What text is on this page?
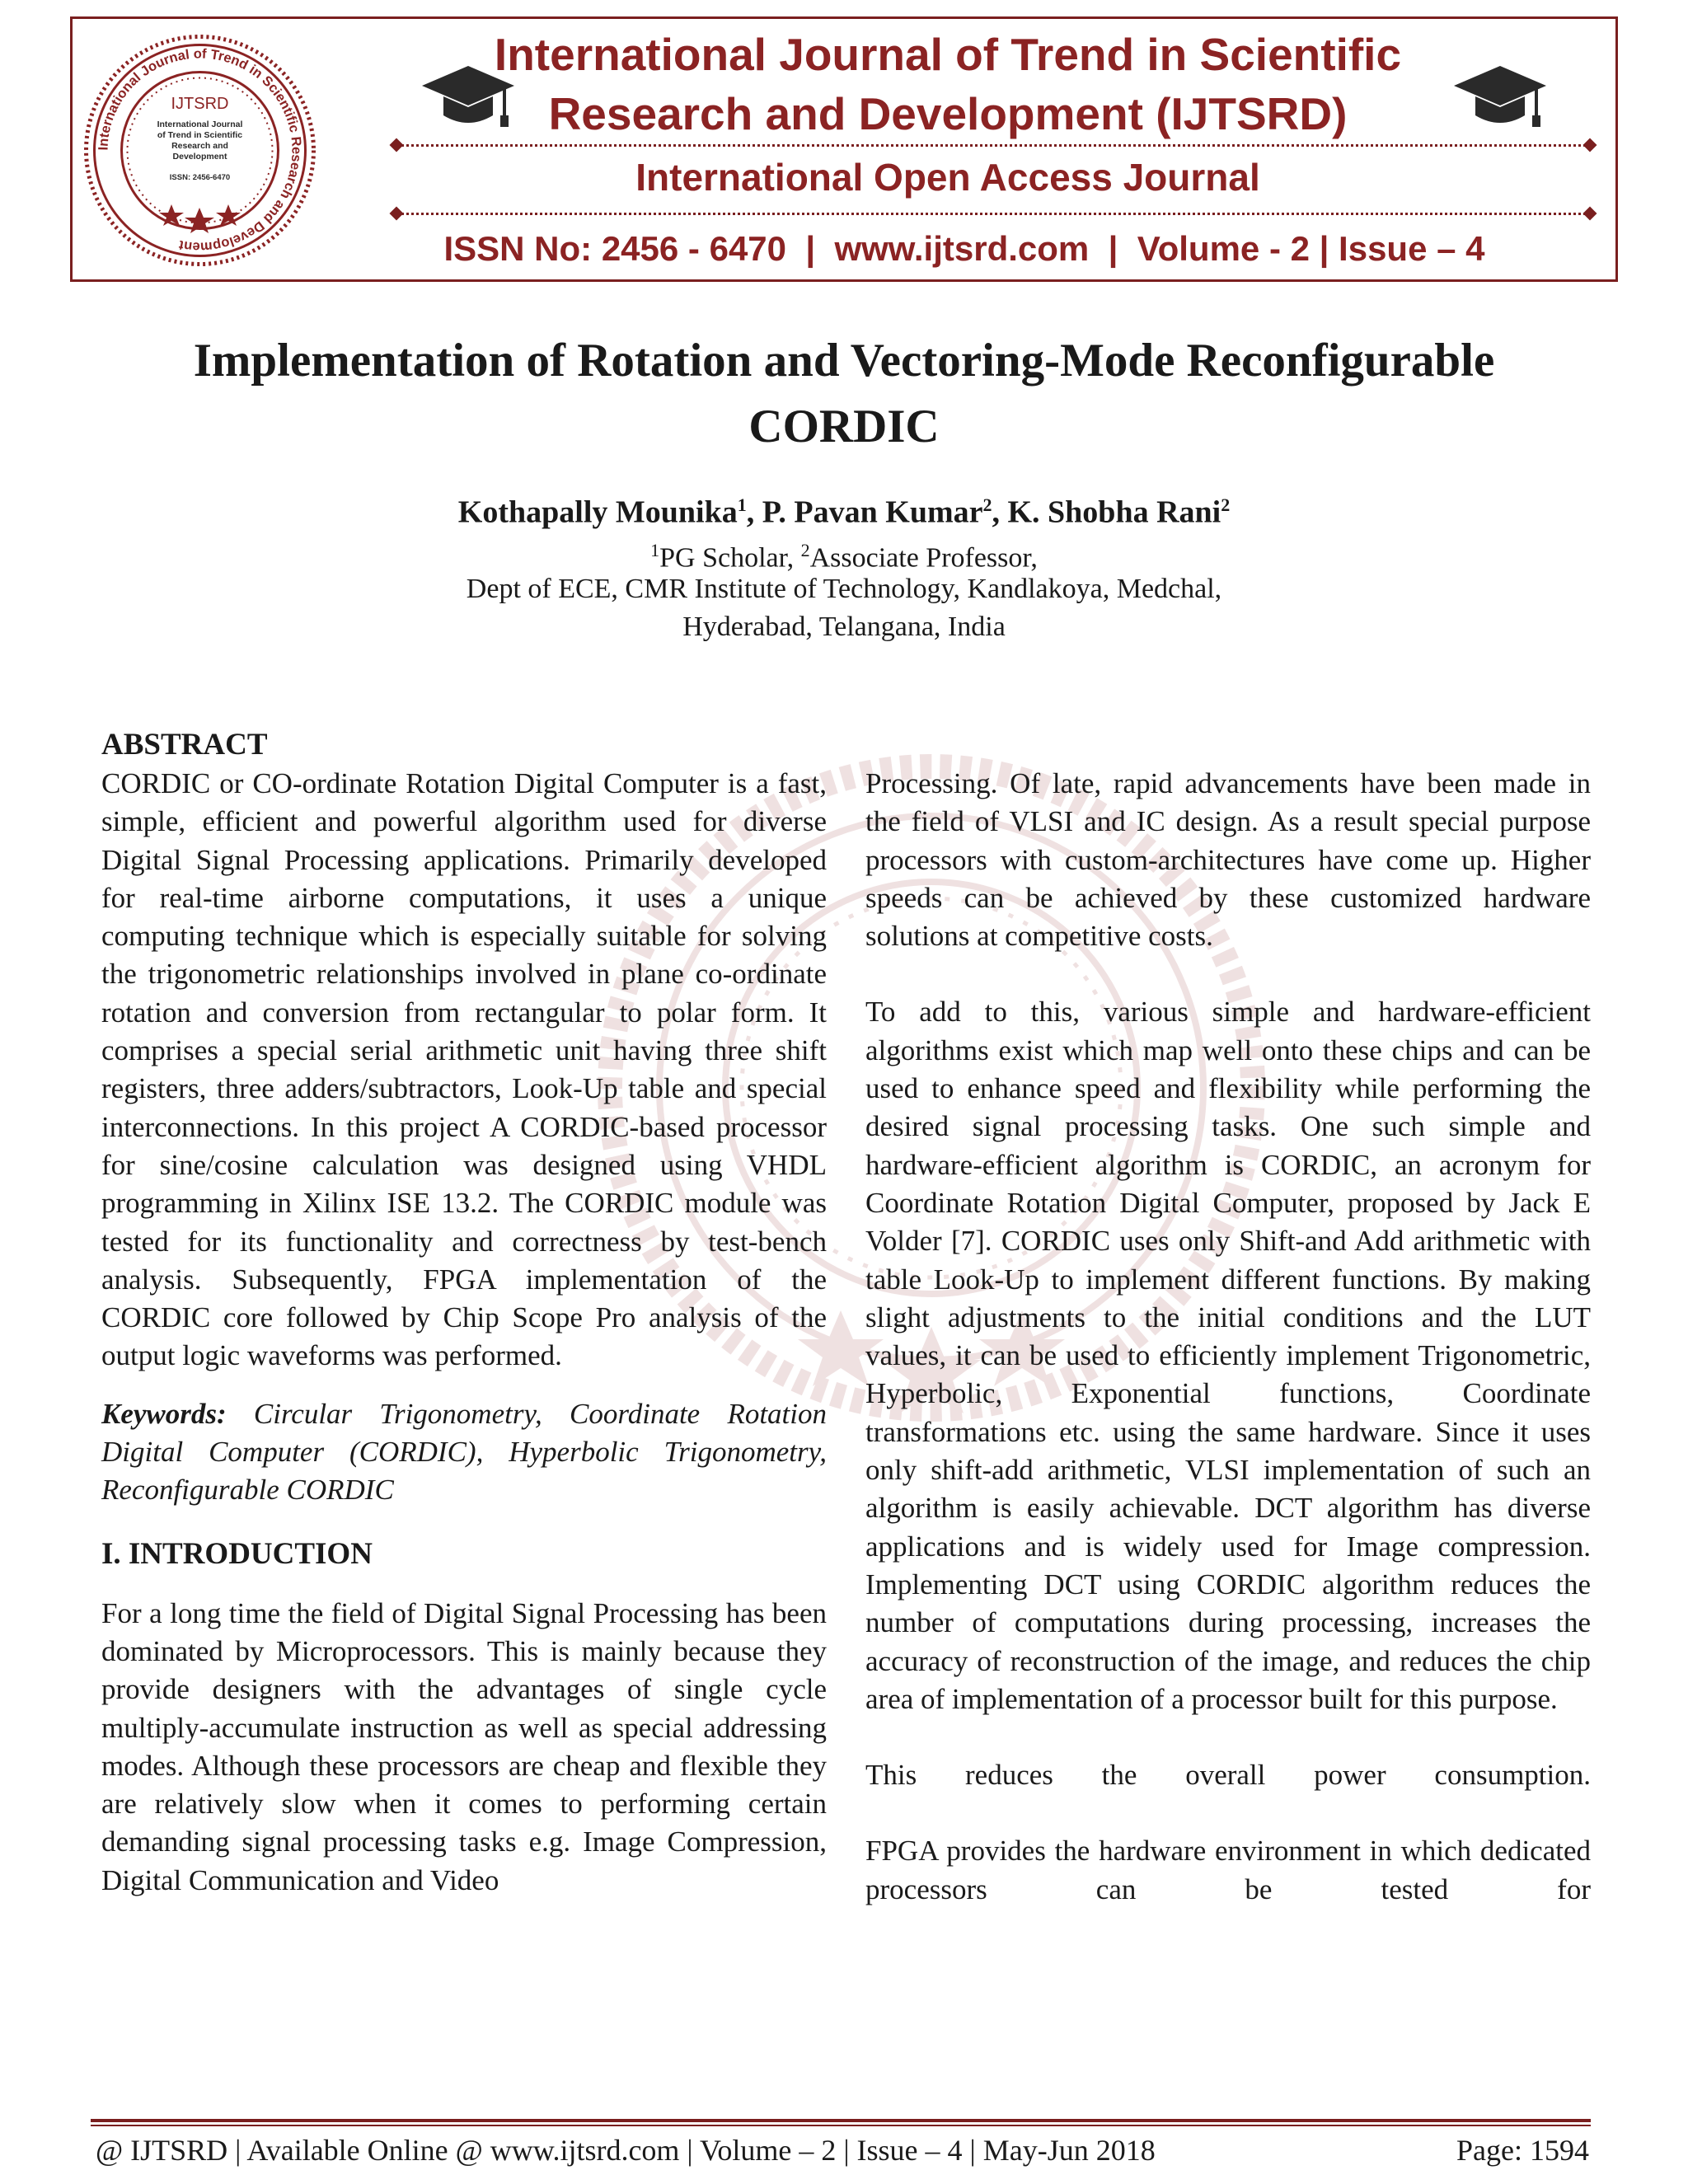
International Journal of Trend in Scientific Research and Development
IJTSRD
International Journal
of Trend in Scientific
Research and
Development
ISSN: 2456-6470
International Journal of Trend in Scientific
Research and Development (IJTSRD)
International Open Access Journal
ISSN No: 2456 - 6470  |  www.ijtsrd.com  |  Volume - 2 | Issue – 4
Implementation of Rotation and Vectoring-Mode Reconfigurable
CORDIC
Kothapally Mounika$^1$, P. Pavan Kumar$^2$, K. Shobha Rani$^2$
$^1$PG Scholar, $^2$Associate Professor,
Dept of ECE, CMR Institute of Technology, Kandlakoya, Medchal,
Hyderabad, Telangana, India

ABSTRACT

CORDIC or CO-ordinate Rotation Digital Computer is a fast, simple, efficient and powerful algorithm used for diverse Digital Signal Processing applications. Primarily developed for real-time airborne computations, it uses a unique computing technique which is especially suitable for solving the trigonometric relationships involved in plane co-ordinate rotation and conversion from rectangular to polar form. It comprises a special serial arithmetic unit having three shift registers, three adders/subtractors, Look-Up table and special interconnections. In this project A CORDIC-based processor for sine/cosine calculation was designed using VHDL programming in Xilinx ISE 13.2. The CORDIC module was tested for its functionality and correctness by test-bench analysis. Subsequently, FPGA implementation of the CORDIC core followed by Chip Scope Pro analysis of the output logic waveforms was performed.

Keywords: Circular Trigonometry, Coordinate Rotation Digital Computer (CORDIC), Hyperbolic Trigonometry, Reconfigurable CORDIC

I. INTRODUCTION

For a long time the field of Digital Signal Processing has been dominated by Microprocessors. This is mainly because they provide designers with the advantages of single cycle multiply-accumulate instruction as well as special addressing modes. Although these processors are cheap and flexible they are relatively slow when it comes to performing certain demanding signal processing tasks e.g. Image Compression, Digital Communication and Video

Processing. Of late, rapid advancements have been made in the field of VLSI and IC design. As a result special purpose processors with custom-architectures have come up. Higher speeds can be achieved by these customized hardware solutions at competitive costs.

To add to this, various simple and hardware-efficient algorithms exist which map well onto these chips and can be used to enhance speed and flexibility while performing the desired signal processing tasks. One such simple and hardware-efficient algorithm is CORDIC, an acronym for Coordinate Rotation Digital Computer, proposed by Jack E Volder [7]. CORDIC uses only Shift-and Add arithmetic with table Look-Up to implement different functions. By making slight adjustments to the initial conditions and the LUT values, it can be used to efficiently implement Trigonometric, Hyperbolic, Exponential functions, Coordinate transformations etc. using the same hardware. Since it uses only shift-add arithmetic, VLSI implementation of such an algorithm is easily achievable. DCT algorithm has diverse applications and is widely used for Image compression. Implementing DCT using CORDIC algorithm reduces the number of computations during processing, increases the accuracy of reconstruction of the image, and reduces the chip area of implementation of a processor built for this purpose.

This reduces the overall power consumption.

FPGA provides the hardware environment in which dedicated processors can be tested for

@ IJTSRD | Available Online @ www.ijtsrd.com | Volume – 2 | Issue – 4 | May-Jun 2018	Page: 1594
